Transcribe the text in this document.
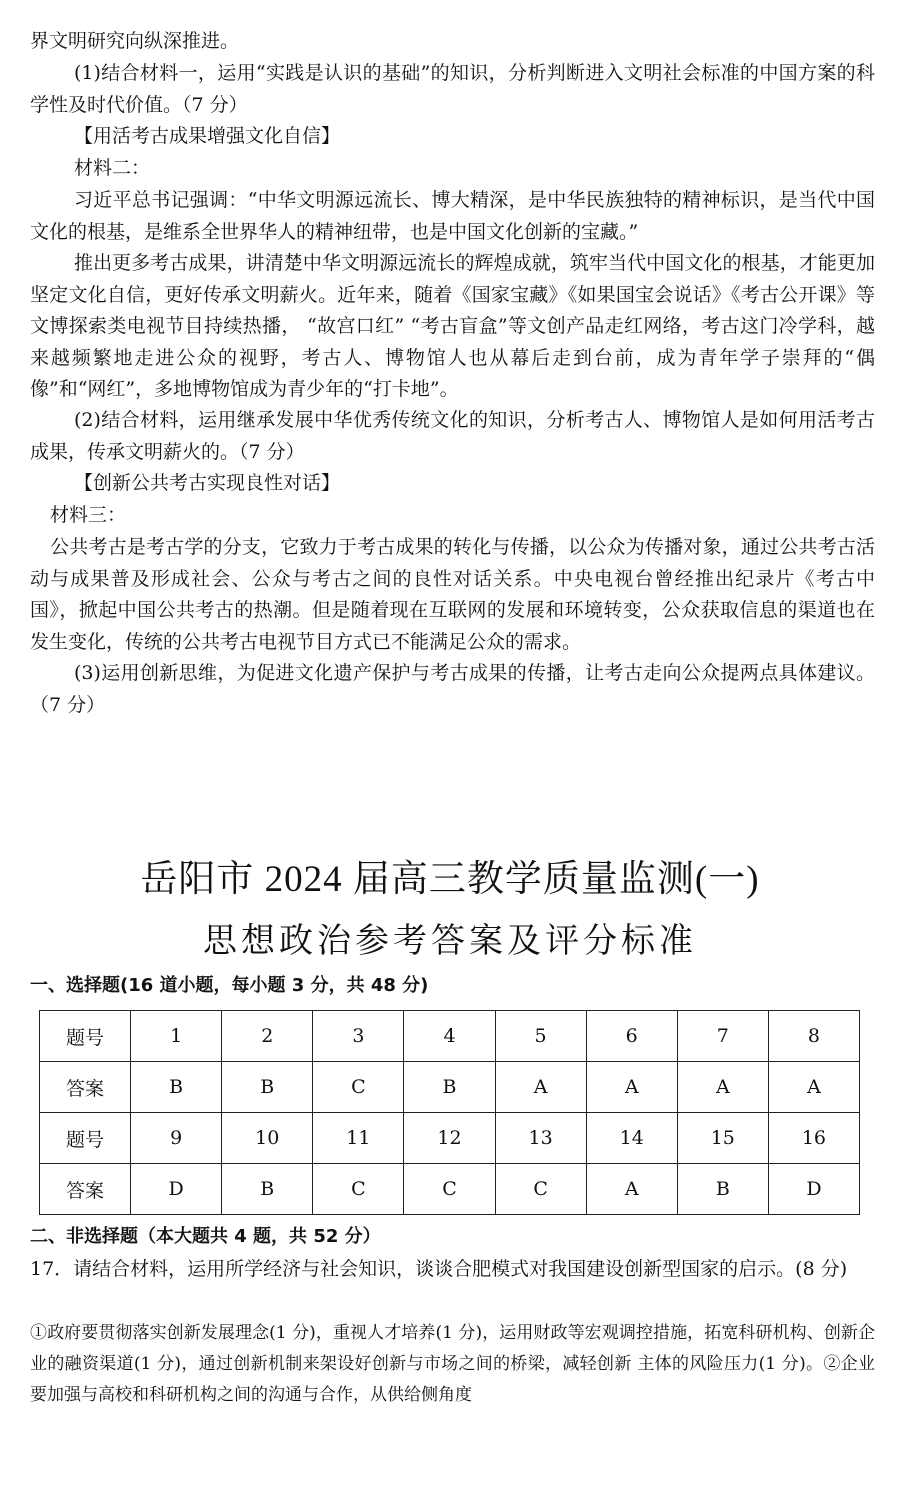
界文明研究向纵深推进。

(1)结合材料一，运用“实践是认识的基础”的知识，分析判断进入文明社会标准的中国方案的科学性及时代价值。（7 分）

【用活考古成果增强文化自信】

材料二：

习近平总书记强调：“中华文明源远流长、博大精深，是中华民族独特的精神标识，是当代中国文化的根基，是维系全世界华人的精神纽带，也是中国文化创新的宝藏。”

推出更多考古成果，讲清楚中华文明源远流长的辉煌成就，筑牢当代中国文化的根基，才能更加坚定文化自信，更好传承文明薪火。近年来，随着《国家宝藏》《如果国宝会说话》《考古公开课》等文博探索类电视节目持续热播， “故宫口红” “考古盲盒”等文创产品走红网络，考古这门冷学科，越来越频繁地走进公众的视野，考古人、博物馆人也从幕后走到台前，成为青年学子崇拜的“偶像”和“网红”，多地博物馆成为青少年的“打卡地”。

(2)结合材料，运用继承发展中华优秀传统文化的知识，分析考古人、博物馆人是如何用活考古成果，传承文明薪火的。（7 分）

【创新公共考古实现良性对话】

材料三：

公共考古是考古学的分支，它致力于考古成果的转化与传播，以公众为传播对象，通过公共考古活动与成果普及形成社会、公众与考古之间的良性对话关系。中央电视台曾经推出纪录片《考古中国》，掀起中国公共考古的热潮。但是随着现在互联网的发展和环境转变，公众获取信息的渠道也在发生变化，传统的公共考古电视节目方式已不能满足公众的需求。

(3)运用创新思维，为促进文化遗产保护与考古成果的传播，让考古走向公众提两点具体建议。（7 分）

岳阳市 2024 届高三教学质量监测(一)
思想政治参考答案及评分标准

一、选择题(16 道小题，每小题 3 分，共 48 分)

题号	1	2	3	4	5	6	7	8
答案	B	B	C	B	A	A	A	A
题号	9	10	11	12	13	14	15	16
答案	D	B	C	C	C	A	B	D

二、非选择题（本大题共 4 题，共 52 分）

17．请结合材料，运用所学经济与社会知识，谈谈合肥模式对我国建设创新型国家的启示。(8 分)

①政府要贯彻落实创新发展理念(1 分)，重视人才培养(1 分)，运用财政等宏观调控措施，拓宽科研机构、创新企业的融资渠道(1 分)，通过创新机制来架设好创新与市场之间的桥梁，减轻创新 主体的风险压力(1 分)。②企业要加强与高校和科研机构之间的沟通与合作，从供给侧角度
